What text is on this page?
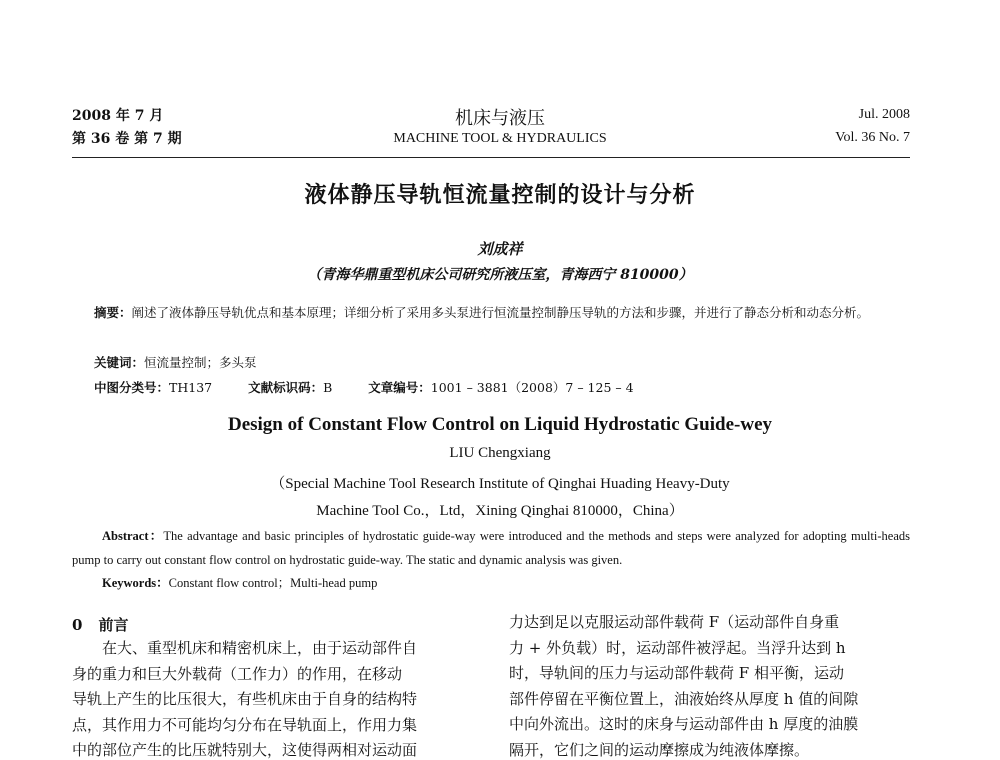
2008 年 7 月
第 36 卷 第 7 期
机床与液压
MACHINE TOOL & HYDRAULICS
Jul. 2008
Vol. 36 No. 7
液体静压导轨恒流量控制的设计与分析
刘成祥
（青海华鼎重型机床公司研究所液压室，青海西宁 810000）
摘要：阐述了液体静压导轨优点和基本原理；详细分析了采用多头泵进行恒流量控制静压导轨的方法和步骤，并进行了静态分析和动态分析。
关键词：恒流量控制；多头泵
中图分类号：TH137	文献标识码：B	文章编号：1001 – 3881（2008）7 – 125 – 4
Design of Constant Flow Control on Liquid Hydrostatic Guide-wey
LIU Chengxiang
（Special Machine Tool Research Institute of Qinghai Huading Heavy-Duty
Machine Tool Co.，Ltd，Xining Qinghai 810000，China）
Abstract：The advantage and basic principles of hydrostatic guide-way were introduced and the methods and steps were analyzed for adopting multi-heads pump to carry out constant flow control on hydrostatic guide-way. The static and dynamic analysis was given.
Keywords：Constant flow control；Multi-head pump
0 前言

在大、重型机床和精密机床上，由于运动部件自

身的重力和巨大外载荷（工作力）的作用，在移动

导轨上产生的比压很大，有些机床由于自身的结构特

点，其作用力不可能均匀分布在导轨面上，作用力集

中的部位产生的比压就特别大，这使得两相对运动面

力达到足以克服运动部件载荷 F（运动部件自身重

力 + 外负载）时，运动部件被浮起。当浮升达到 h

时，导轨间的压力与运动部件载荷 F 相平衡，运动

部件停留在平衡位置上，油液始终从厚度 h 值的间隙

中向外流出。这时的床身与运动部件由 h 厚度的油膜

隔开，它们之间的运动摩擦成为纯液体摩擦。
